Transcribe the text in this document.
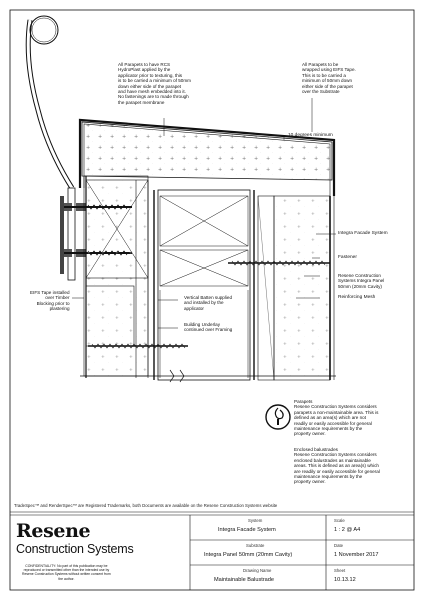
All Parapets to have RCS
HydroPlast applied by the
applicator prior to texturing, this
is to be carried a minimum of 50mm
down either side of the parapet
and have mesh embedded into it.
No fastenings are to made through
the parapet membrane
All Parapets to be
wrapped using EIFS Tape.
This is to be carried a
minimum of 50mm down
either side of the parapet
over the Substrate
10 degrees minimum
EIFS Tape installed
over Timber
Blocking prior to
plastering
Vertical Batten supplied
and installed by the
applicator
Building Underlay
continued over Framing
Integra Facade System
Fastener
Resene Construction
Systems Integra Panel
50mm (20mm Cavity)
Reinforcing Mesh
Parapets
Resene Construction Systems considers
parapets a non-maintainable area. This is
defined as an area(s) which are not
readily or easily accessible for general
maintenance requirements by the
property owner.
Enclosed balustrades
Resene Construction Systems considers
enclosed balustrades as maintainable
areas. This is defined as an area(s) which
are readily or easily accessible for general
maintenance requirements by the
property owner.
TradeSpec™ and RenderSpec™ are Registered Trademarks, both Documents are available on the Resene Construction Systems website
Resene
Construction Systems
CONFIDENTIALITY: No part of this publication may be
reproduced or transmitted other than the intended use by
Resene Construction Systems without written consent from
the author.
System
Integra Facade System
Scale
1 : 2 @ A4
Substrate
Integra Panel 50mm (20mm Cavity)
Date
1 November 2017
Drawing Name
Maintainable Balustrade
Sheet
10.13.12
